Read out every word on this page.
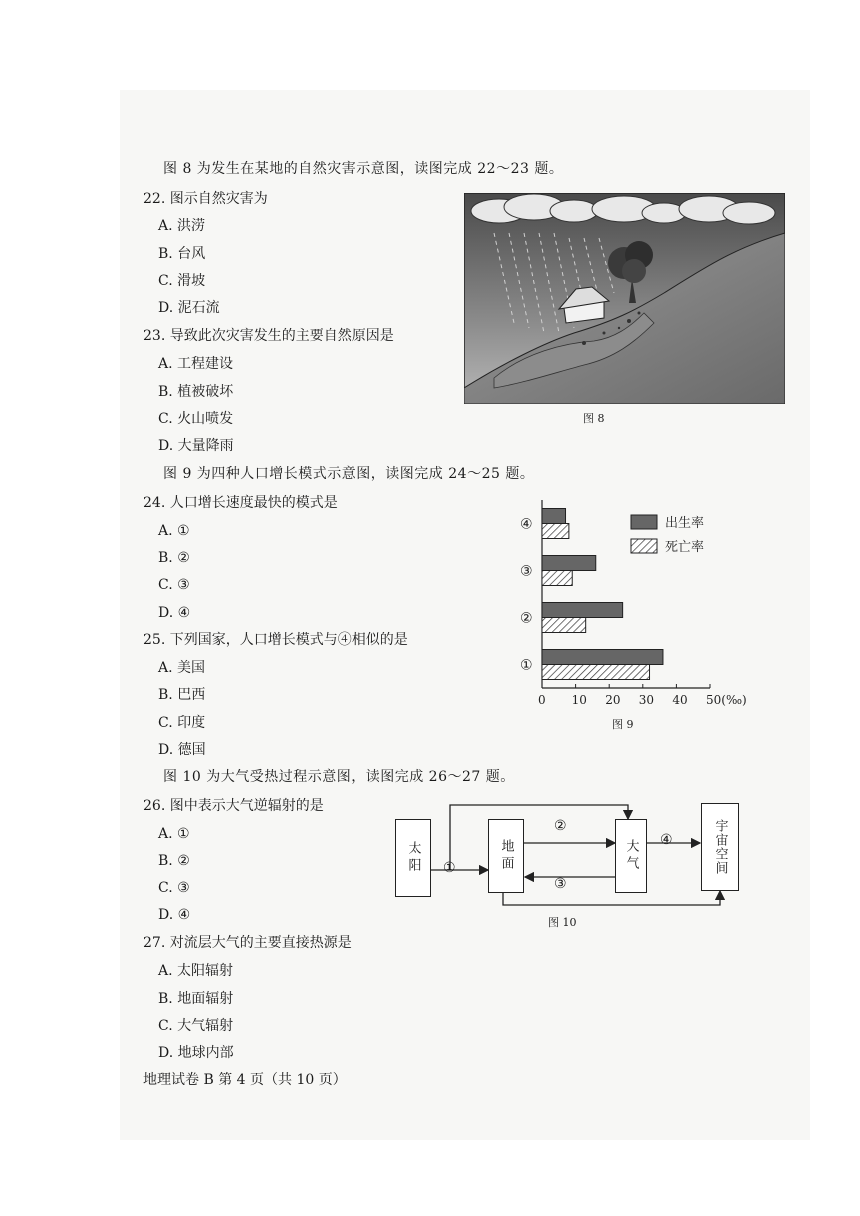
图 8 为发生在某地的自然灾害示意图，读图完成 22～23 题。
22. 图示自然灾害为
A. 洪涝
B. 台风
C. 滑坡
D. 泥石流
23. 导致此次灾害发生的主要自然原因是
A. 工程建设
B. 植被破坏
C. 火山喷发
D. 大量降雨
图 8
图 9 为四种人口增长模式示意图，读图完成 24～25 题。
24. 人口增长速度最快的模式是
A. ①
B. ②
C. ③
D. ④
25. 下列国家，人口增长模式与④相似的是
A. 美国
B. 巴西
C. 印度
D. 德国
0 10 20 30 40 50(‰)
①
②
③
④	出生率
死亡率
图 9
图 10 为大气受热过程示意图，读图完成 26～27 题。
26. 图中表示大气逆辐射的是
A. ①
B. ②
C. ③
D. ④
27. 对流层大气的主要直接热源是
A. 太阳辐射
B. 地面辐射
C. 大气辐射
D. 地球内部
太阳	地面	大气	宇宙空间
①
②
③
④
图 10
地理试卷 B 第 4 页（共 10 页）
